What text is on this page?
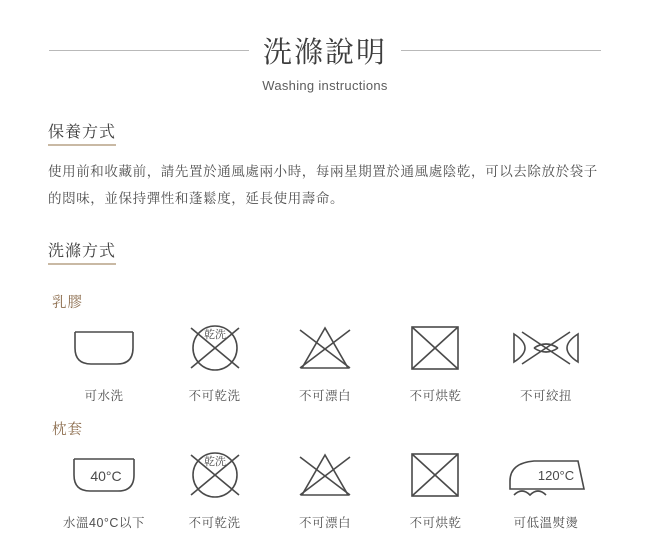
洗滌說明
Washing instructions
保養方式

使用前和收藏前，請先置於通風處兩小時，每兩星期置於通風處陰乾，可以去除放於袋子的悶味，並保持彈性和蓬鬆度，延長使用壽命。

洗滌方式
乳膠
可水洗
乾洗
不可乾洗	不可漂白	不可烘乾	不可絞扭
枕套
40°C
水溫40°C以下
乾洗
不可乾洗	不可漂白	不可烘乾
120°C
可低溫熨燙
